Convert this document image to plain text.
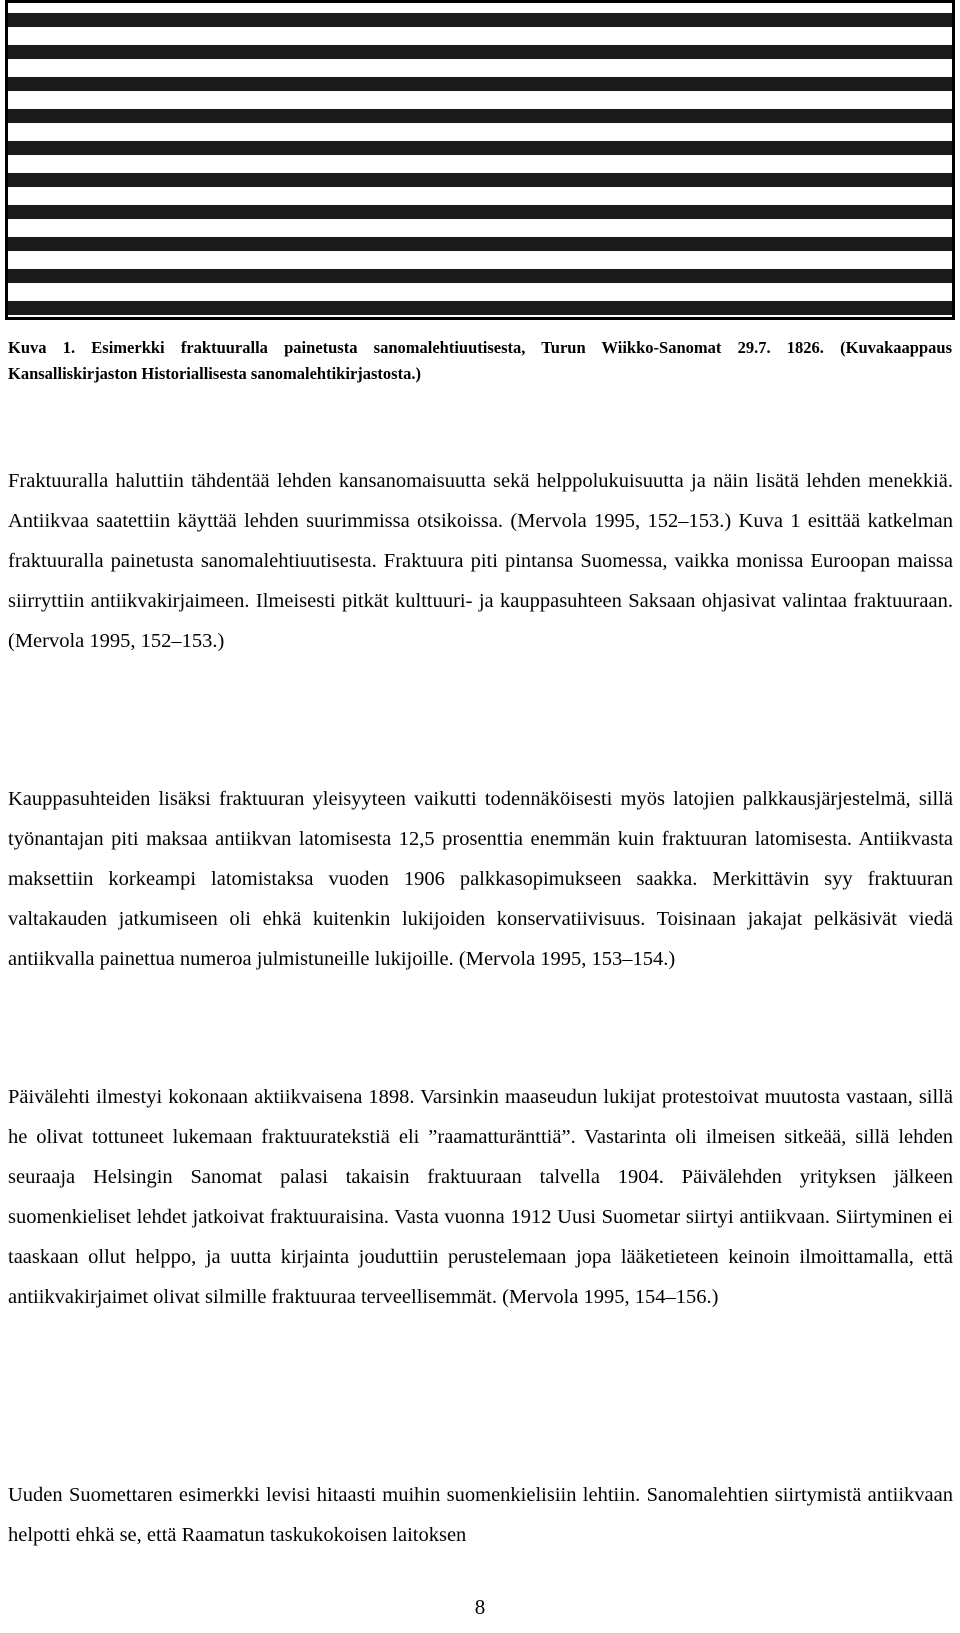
Kuva 1. Esimerkki fraktuuralla painetusta sanomalehtiuutisesta, Turun Wiikko-Sanomat 29.7. 1826. (Kuvakaappaus Kansalliskirjaston Historiallisesta sanomalehtikirjastosta.)

Fraktuuralla haluttiin tähdentää lehden kansanomaisuutta sekä helppolukuisuutta ja näin lisätä lehden menekkiä. Antiikvaa saatettiin käyttää lehden suurimmissa otsikoissa. (Mervola 1995, 152–153.) Kuva 1 esittää katkelman fraktuuralla painetusta sanomalehtiuutisesta. Fraktuura piti pintansa Suomessa, vaikka monissa Euroopan maissa siirryttiin antiikvakirjaimeen. Ilmeisesti pitkät kulttuuri- ja kauppasuhteen Saksaan ohjasivat valintaa fraktuuraan. (Mervola 1995, 152–153.)

Kauppasuhteiden lisäksi fraktuuran yleisyyteen vaikutti todennäköisesti myös latojien palkkausjärjestelmä, sillä työnantajan piti maksaa antiikvan latomisesta 12,5 prosenttia enemmän kuin fraktuuran latomisesta. Antiikvasta maksettiin korkeampi latomistaksa vuoden 1906 palkkasopimukseen saakka. Merkittävin syy fraktuuran valtakauden jatkumiseen oli ehkä kuitenkin lukijoiden konservatiivisuus. Toisinaan jakajat pelkäsivät viedä antiikvalla painettua numeroa julmistuneille lukijoille. (Mervola 1995, 153–154.)

Päivälehti ilmestyi kokonaan aktiikvaisena 1898. Varsinkin maaseudun lukijat protestoivat muutosta vastaan, sillä he olivat tottuneet lukemaan fraktuuratekstiä eli ”raamatturänttiä”. Vastarinta oli ilmeisen sitkeää, sillä lehden seuraaja Helsingin Sanomat palasi takaisin fraktuuraan talvella 1904. Päivälehden yrityksen jälkeen suomenkieliset lehdet jatkoivat fraktuuraisina. Vasta vuonna 1912 Uusi Suometar siirtyi antiikvaan. Siirtyminen ei taaskaan ollut helppo, ja uutta kirjainta jouduttiin perustelemaan jopa lääketieteen keinoin ilmoittamalla, että antiikvakirjaimet olivat silmille fraktuuraa terveellisemmät. (Mervola 1995, 154–156.)

Uuden Suomettaren esimerkki levisi hitaasti muihin suomenkielisiin lehtiin. Sanomalehtien siirtymistä antiikvaan helpotti ehkä se, että Raamatun taskukokoisen laitoksen

8
